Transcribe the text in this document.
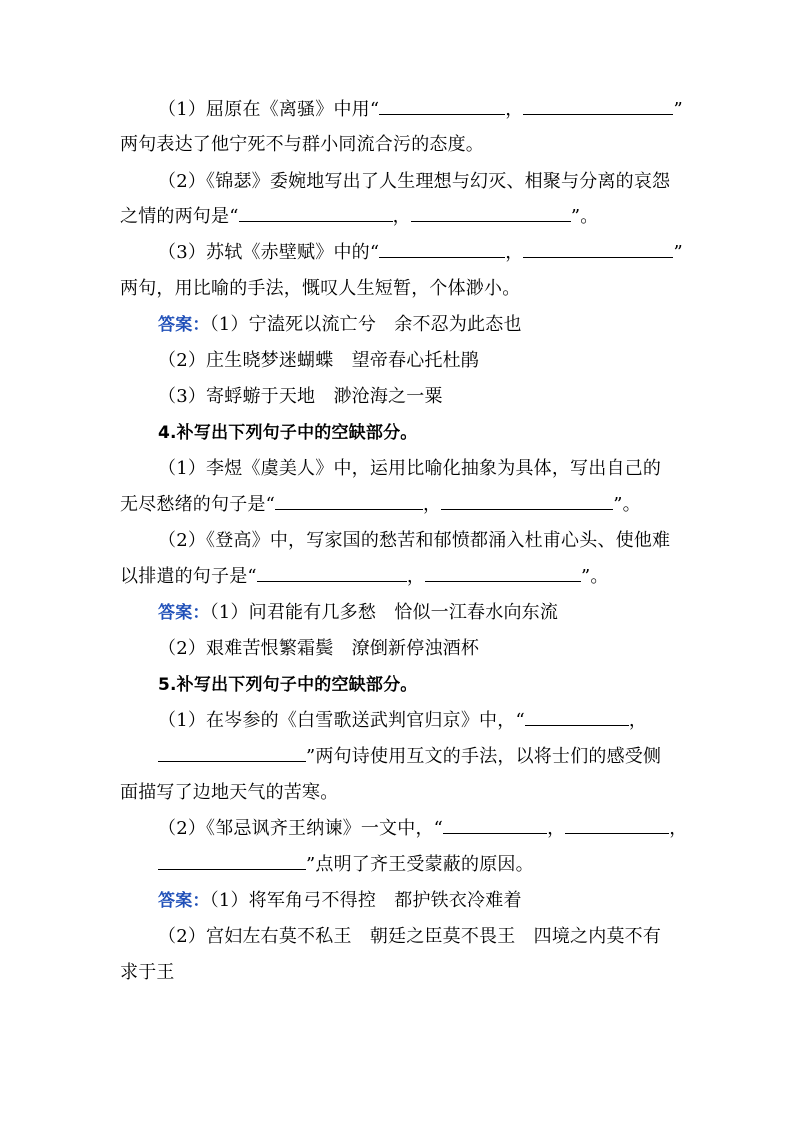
（1）屈原在《离骚》中用“	，	”
两句表达了他宁死不与群小同流合污的态度。
（2）《锦瑟》委婉地写出了人生理想与幻灭、相聚与分离的哀怨
之情的两句是“	，	”。
（3）苏轼《赤壁赋》中的“	，	”
两句，用比喻的手法，慨叹人生短暂，个体渺小。
答案：（1）宁溘死以流亡兮　余不忍为此态也
（2）庄生晓梦迷蝴蝶　望帝春心托杜鹃
（3）寄蜉蝣于天地　渺沧海之一粟
4.补写出下列句子中的空缺部分。
（1）李煜《虞美人》中，运用比喻化抽象为具体，写出自己的
无尽愁绪的句子是“	，	”。
（2）《登高》中，写家国的愁苦和郁愤都涌入杜甫心头、使他难
以排遣的句子是“	，	”。
答案：（1）问君能有几多愁　恰似一江春水向东流
（2）艰难苦恨繁霜鬓　潦倒新停浊酒杯
5.补写出下列句子中的空缺部分。
（1）在岑参的《白雪歌送武判官归京》中，“	，
”两句诗使用互文的手法，以将士们的感受侧
面描写了边地天气的苦寒。
（2）《邹忌讽齐王纳谏》一文中，“	，	，
”点明了齐王受蒙蔽的原因。
答案：（1）将军角弓不得控　都护铁衣冷难着
（2）宫妇左右莫不私王　朝廷之臣莫不畏王　四境之内莫不有
求于王
